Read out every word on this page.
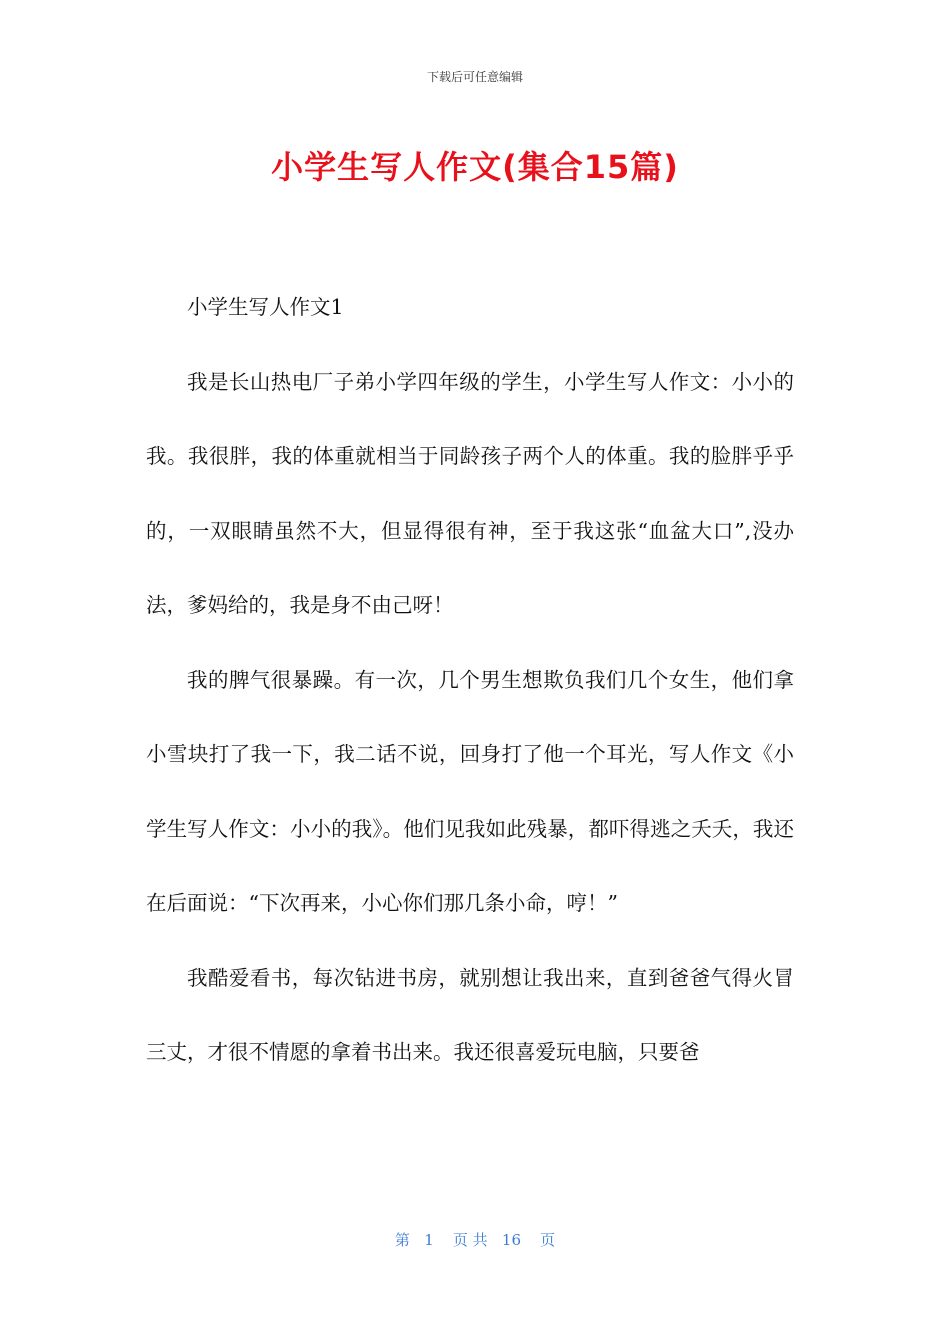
下载后可任意编辑
小学生写人作文(集合15篇)

小学生写人作文1

我是长山热电厂子弟小学四年级的学生，小学生写人作文：小小的我。我很胖，我的体重就相当于同龄孩子两个人的体重。我的脸胖乎乎的，一双眼睛虽然不大，但显得很有神，至于我这张“血盆大口”,没办法，爹妈给的，我是身不由己呀！

我的脾气很暴躁。有一次，几个男生想欺负我们几个女生，他们拿小雪块打了我一下，我二话不说，回身打了他一个耳光，写人作文《小学生写人作文：小小的我》。他们见我如此残暴，都吓得逃之夭夭，我还在后面说：“下次再来，小心你们那几条小命，哼！”

我酷爱看书，每次钻进书房，就别想让我出来，直到爸爸气得火冒三丈，才很不情愿的拿着书出来。我还很喜爱玩电脑，只要爸

第   1    页 共   16    页
